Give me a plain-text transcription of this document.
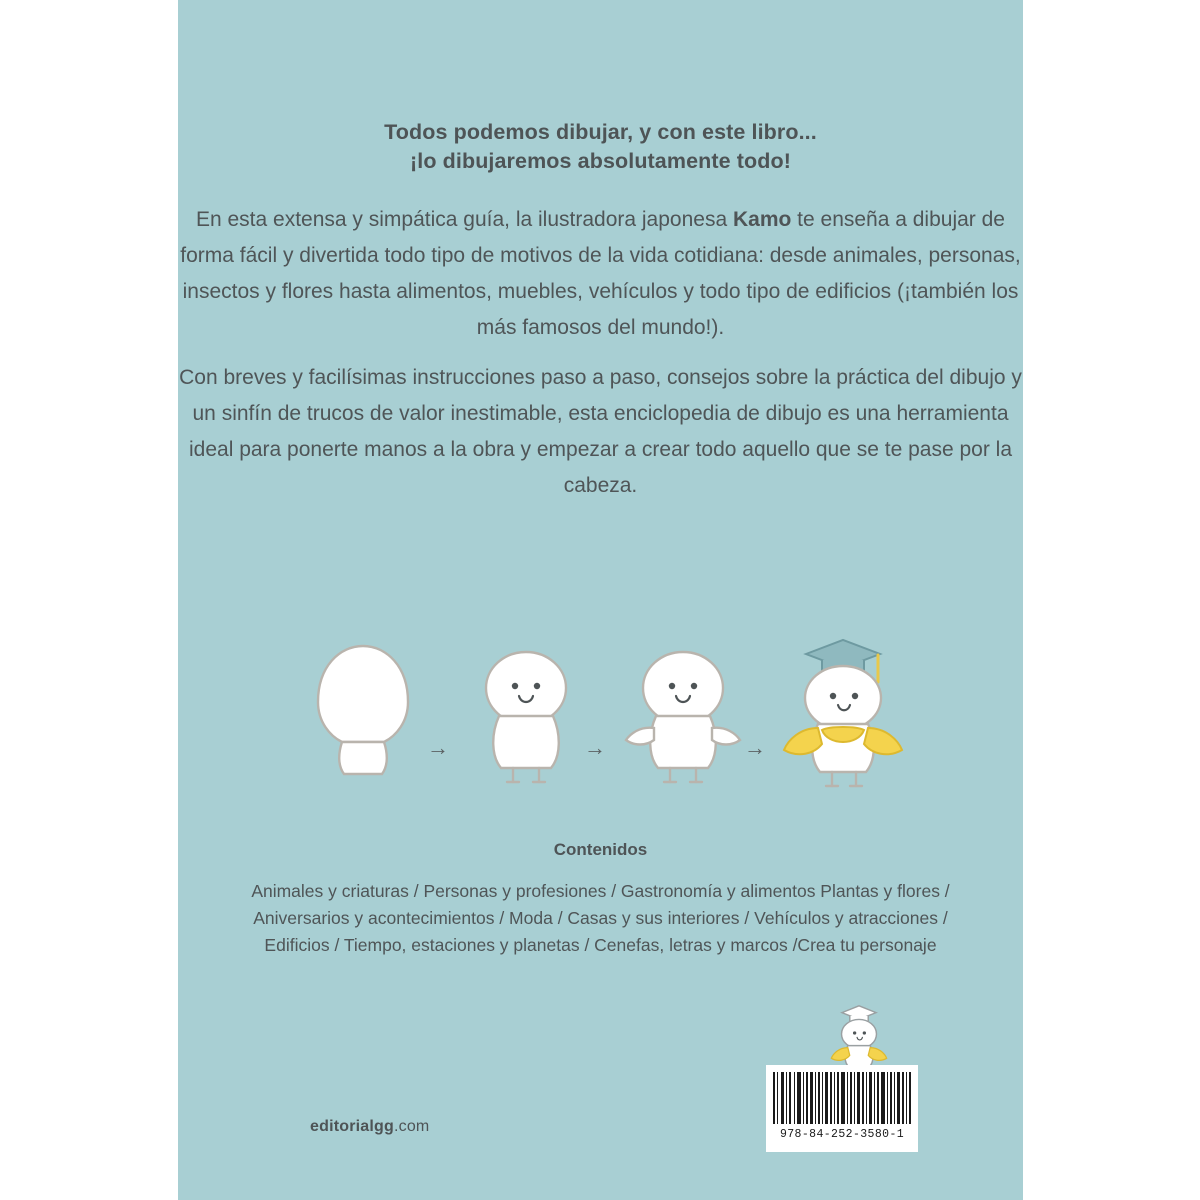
Todos podemos dibujar, y con este libro...
¡lo dibujaremos absolutamente todo!

En esta extensa y simpática guía, la ilustradora japonesa Kamo te enseña a dibujar de forma fácil y divertida todo tipo de motivos de la vida cotidiana: desde animales, personas, insectos y flores hasta alimentos, muebles, vehículos y todo tipo de edificios (¡también los más famosos del mundo!).

Con breves y facilísimas instrucciones paso a paso, consejos sobre la práctica del dibujo y un sinfín de trucos de valor inestimable, esta enciclopedia de dibujo es una herramienta ideal para ponerte manos a la obra y empezar a crear todo aquello que se te pase por la cabeza.

→	→	→
Contenidos
Animales y criaturas / Personas y profesiones / Gastronomía y alimentos Plantas y flores / Aniversarios y acontecimientos / Moda / Casas y sus interiores / Vehículos y atracciones / Edificios / Tiempo, estaciones y planetas / Cenefas, letras y marcos /Crea tu personaje
978-84-252-3580-1
editorialgg.com
